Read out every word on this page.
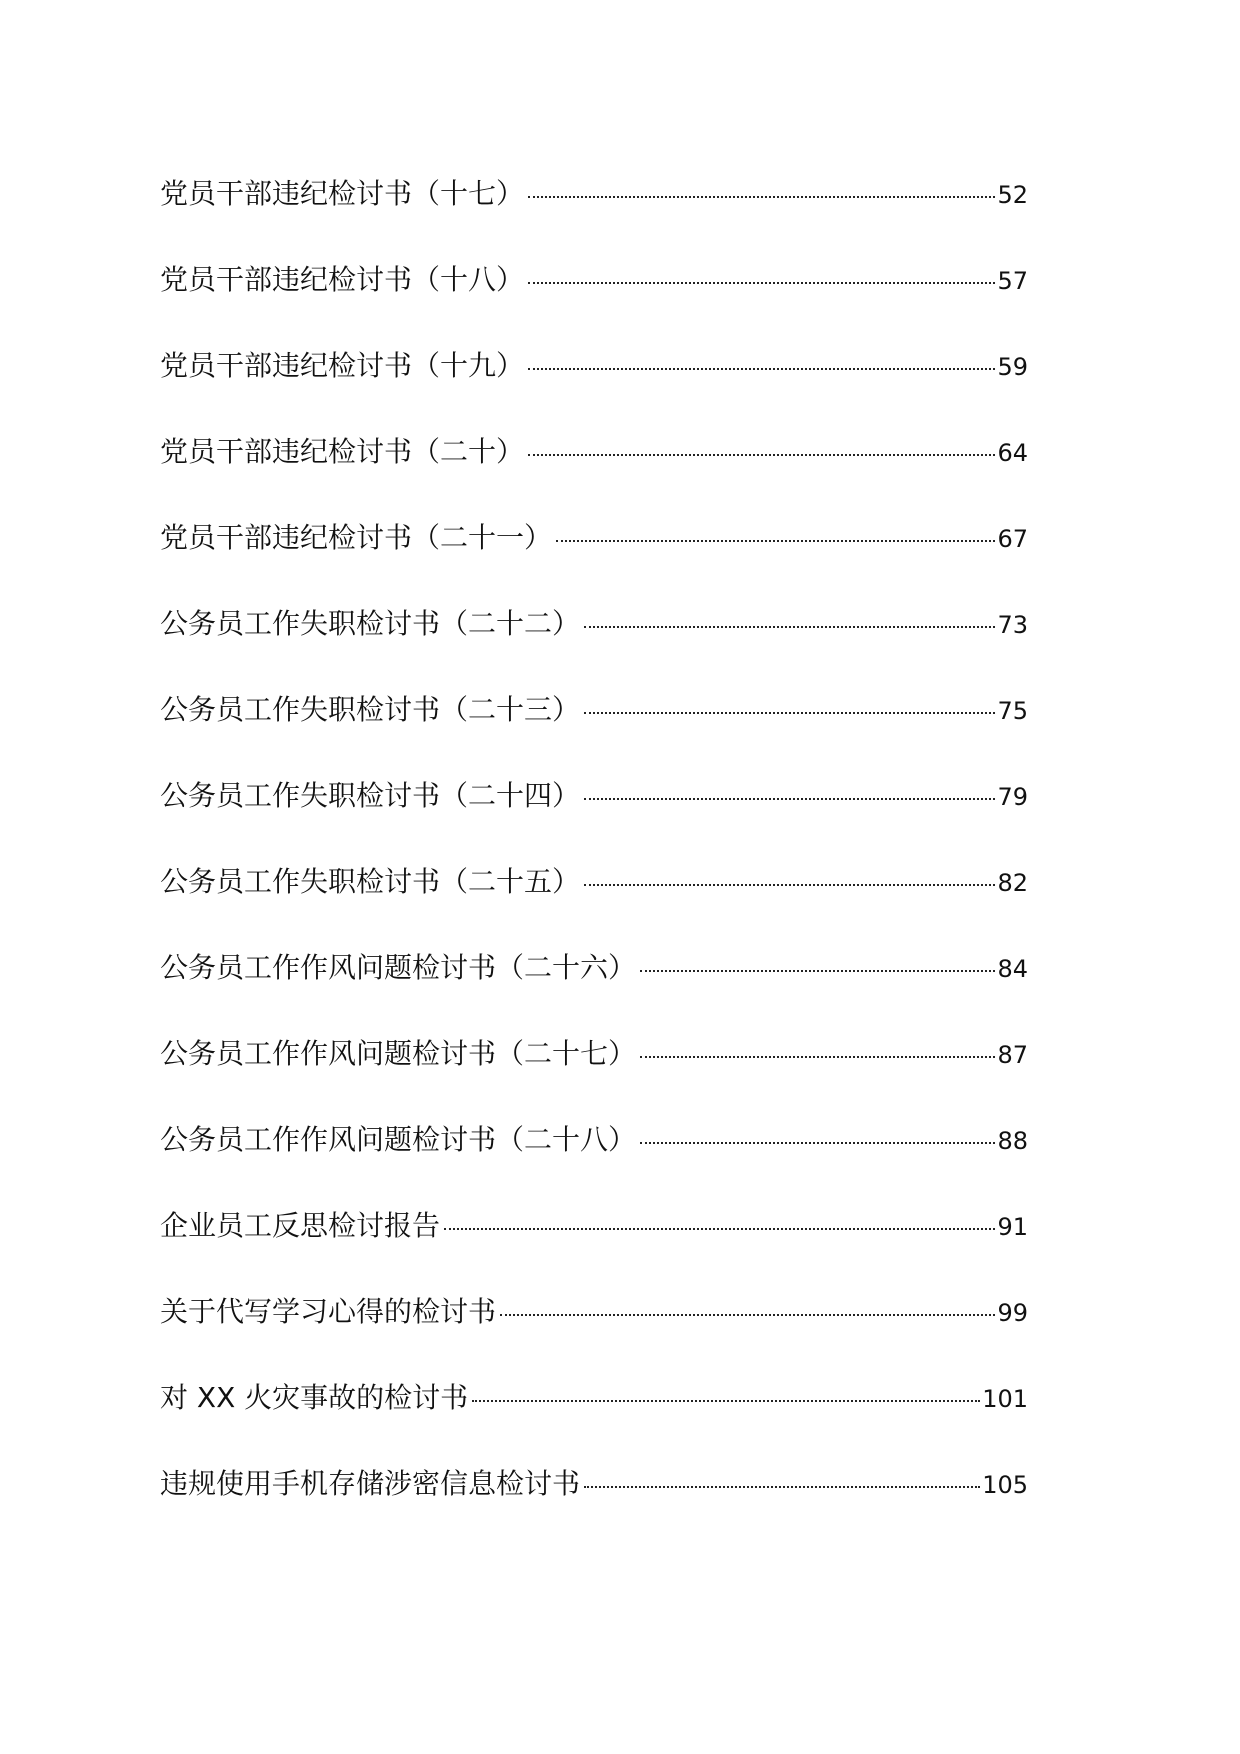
党员干部违纪检讨书（十七）	52
党员干部违纪检讨书（十八）	57
党员干部违纪检讨书（十九）	59
党员干部违纪检讨书（二十）	64
党员干部违纪检讨书（二十一）	67
公务员工作失职检讨书（二十二）	73
公务员工作失职检讨书（二十三）	75
公务员工作失职检讨书（二十四）	79
公务员工作失职检讨书（二十五）	82
公务员工作作风问题检讨书（二十六）	84
公务员工作作风问题检讨书（二十七）	87
公务员工作作风问题检讨书（二十八）	88
企业员工反思检讨报告	91
关于代写学习心得的检讨书	99
对 XX 火灾事故的检讨书	101
违规使用手机存储涉密信息检讨书	105
